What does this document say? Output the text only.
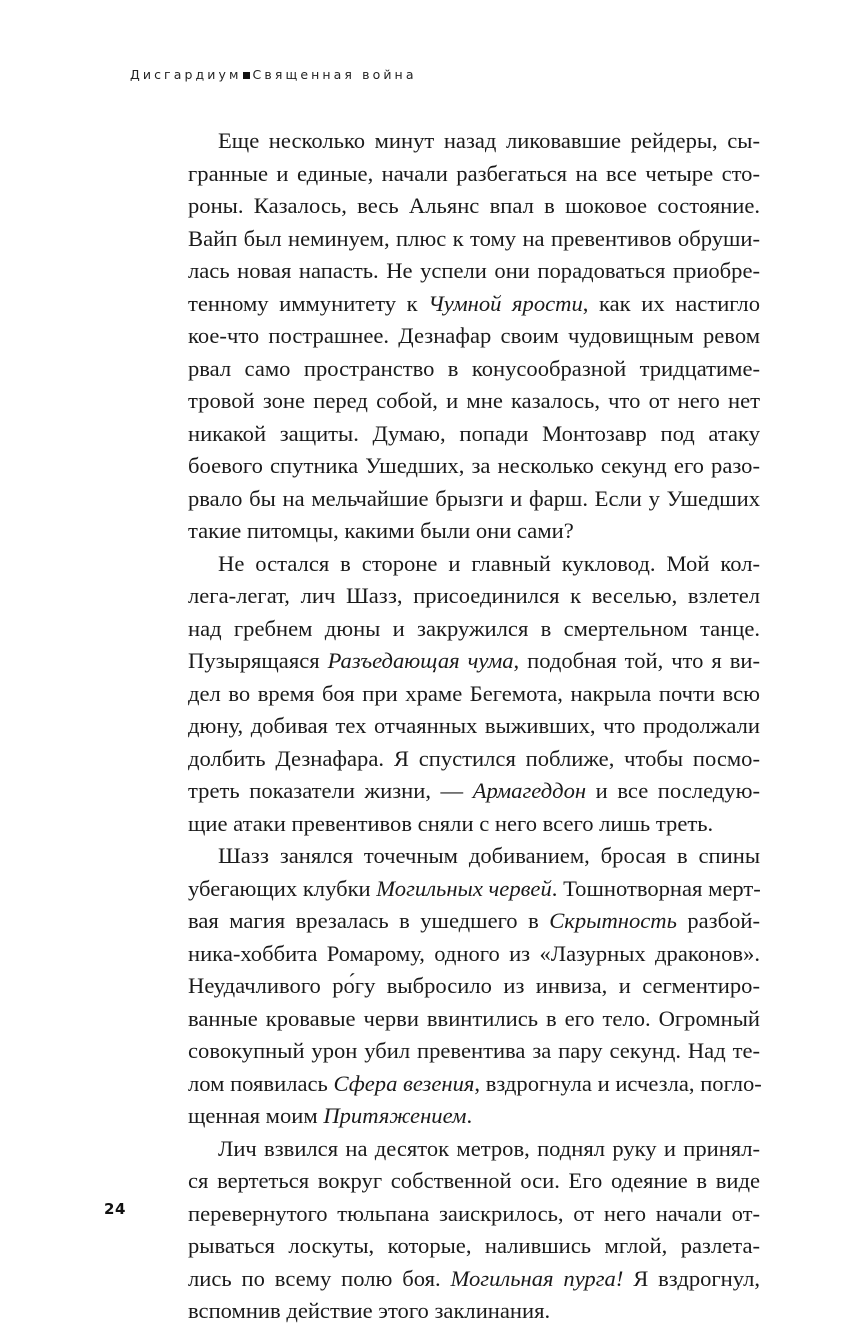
Дисгардиум Священная война
Еще несколько минут назад ликовавшие рейдеры, сы-
гранные и единые, начали разбегаться на все четыре сто-
роны. Казалось, весь Альянс впал в шоковое состояние.
Вайп был неминуем, плюс к тому на превентивов обруши-
лась новая напасть. Не успели они порадоваться приобре-
тенному иммунитету к Чумной ярости, как их настигло
кое-что пострашнее. Дезнафар своим чудовищным ревом
рвал само пространство в конусообразной тридцатиме-
тровой зоне перед собой, и мне казалось, что от него нет
никакой защиты. Думаю, попади Монтозавр под атаку
боевого спутника Ушедших, за несколько секунд его разо-
рвало бы на мельчайшие брызги и фарш. Если у Ушедших
такие питомцы, какими были они сами?
Не остался в стороне и главный кукловод. Мой кол-
лега-легат, лич Шазз, присоединился к веселью, взлетел
над гребнем дюны и закружился в смертельном танце.
Пузырящаяся Разъедающая чума, подобная той, что я ви-
дел во время боя при храме Бегемота, накрыла почти всю
дюну, добивая тех отчаянных выживших, что продолжали
долбить Дезнафара. Я спустился поближе, чтобы посмо-
треть показатели жизни, — Армагеддон и все последую-
щие атаки превентивов сняли с него всего лишь треть.
Шазз занялся точечным добиванием, бросая в спины
убегающих клубки Могильных червей. Тошнотворная мерт-
вая магия врезалась в ушедшего в Скрытность разбой-
ника-хоббита Ромарому, одного из «Лазурных драконов».
Неудачливого ро́гу выбросило из инвиза, и сегментиро-
ванные кровавые черви ввинтились в его тело. Огромный
совокупный урон убил превентива за пару секунд. Над те-
лом появилась Сфера везения, вздрогнула и исчезла, погло-
щенная моим Притяжением.
Лич взвился на десяток метров, поднял руку и принял-
ся вертеться вокруг собственной оси. Его одеяние в виде
перевернутого тюльпана заискрилось, от него начали от-
рываться лоскуты, которые, налившись мглой, разлета-
лись по всему полю боя. Могильная пурга! Я вздрогнул,
вспомнив действие этого заклинания.
24
